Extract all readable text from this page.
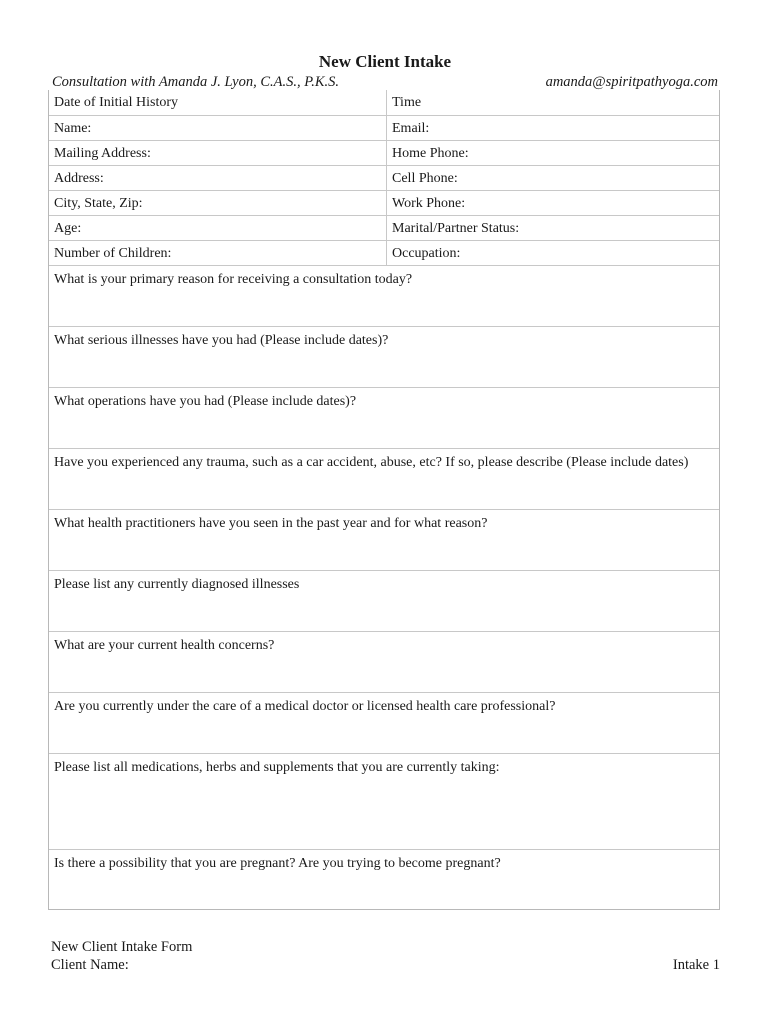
New Client Intake
Consultation with Amanda J. Lyon, C.A.S., P.K.S.	amanda@spiritpathyoga.com
Date of Initial History	Time
Name:	Email:
Mailing Address:	Home Phone:
Address:	Cell Phone:
City, State, Zip:	Work Phone:
Age:	Marital/Partner Status:
Number of Children:	Occupation:
What is your primary reason for receiving a consultation today?
What serious illnesses have you had (Please include dates)?
What operations have you had (Please include dates)?
Have you experienced any trauma, such as a car accident, abuse, etc? If so, please describe (Please include dates)
What health practitioners have you seen in the past year and for what reason?
Please list any currently diagnosed illnesses
What are your current health concerns?
Are you currently under the care of a medical doctor or licensed health care professional?
Please list all medications, herbs and supplements that you are currently taking:
Is there a possibility that you are pregnant? Are you trying to become pregnant?
New Client Intake Form
Client Name:	Intake 1
